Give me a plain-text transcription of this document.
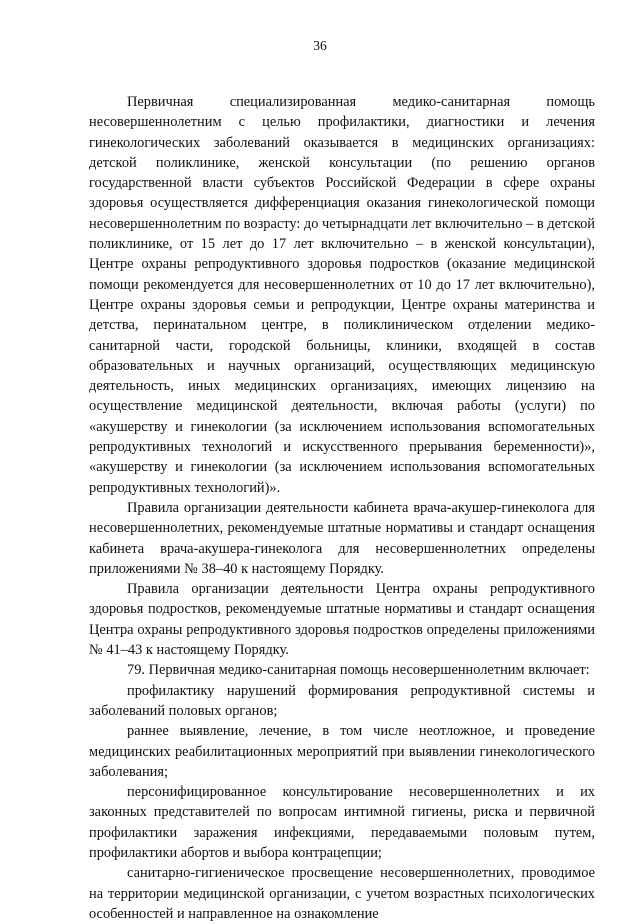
36

Первичная специализированная медико-санитарная помощь несовершеннолетним с целью профилактики, диагностики и лечения гинекологических заболеваний оказывается в медицинских организациях: детской поликлинике, женской консультации (по решению органов государственной власти субъектов Российской Федерации в сфере охраны здоровья осуществляется дифференциация оказания гинекологической помощи несовершеннолетним по возрасту: до четырнадцати лет включительно – в детской поликлинике, от 15 лет до 17 лет включительно – в женской консультации), Центре охраны репродуктивного здоровья подростков (оказание медицинской помощи рекомендуется для несовершеннолетних от 10 до 17 лет включительно), Центре охраны здоровья семьи и репродукции, Центре охраны материнства и детства, перинатальном центре, в поликлиническом отделении медико-санитарной части, городской больницы, клиники, входящей в состав образовательных и научных организаций, осуществляющих медицинскую деятельность, иных медицинских организациях, имеющих лицензию на осуществление медицинской деятельности, включая работы (услуги) по «акушерству и гинекологии (за исключением использования вспомогательных репродуктивных технологий и искусственного прерывания беременности)», «акушерству и гинекологии (за исключением использования вспомогательных репродуктивных технологий)».

Правила организации деятельности кабинета врача-акушер-гинеколога для несовершеннолетних, рекомендуемые штатные нормативы и стандарт оснащения кабинета врача-акушера-гинеколога для несовершеннолетних определены приложениями № 38–40 к настоящему Порядку.

Правила организации деятельности Центра охраны репродуктивного здоровья подростков, рекомендуемые штатные нормативы и стандарт оснащения Центра охраны репродуктивного здоровья подростков определены приложениями № 41–43 к настоящему Порядку.

79. Первичная медико-санитарная помощь несовершеннолетним включает:

профилактику нарушений формирования репродуктивной системы и заболеваний половых органов;

раннее выявление, лечение, в том числе неотложное, и проведение медицинских реабилитационных мероприятий при выявлении гинекологического заболевания;

персонифицированное консультирование несовершеннолетних и их законных представителей по вопросам интимной гигиены, риска и первичной профилактики заражения инфекциями, передаваемыми половым путем, профилактики абортов и выбора контрацепции;

санитарно-гигиеническое просвещение несовершеннолетних, проводимое на территории медицинской организации, с учетом возрастных психологических особенностей и направленное на ознакомление
